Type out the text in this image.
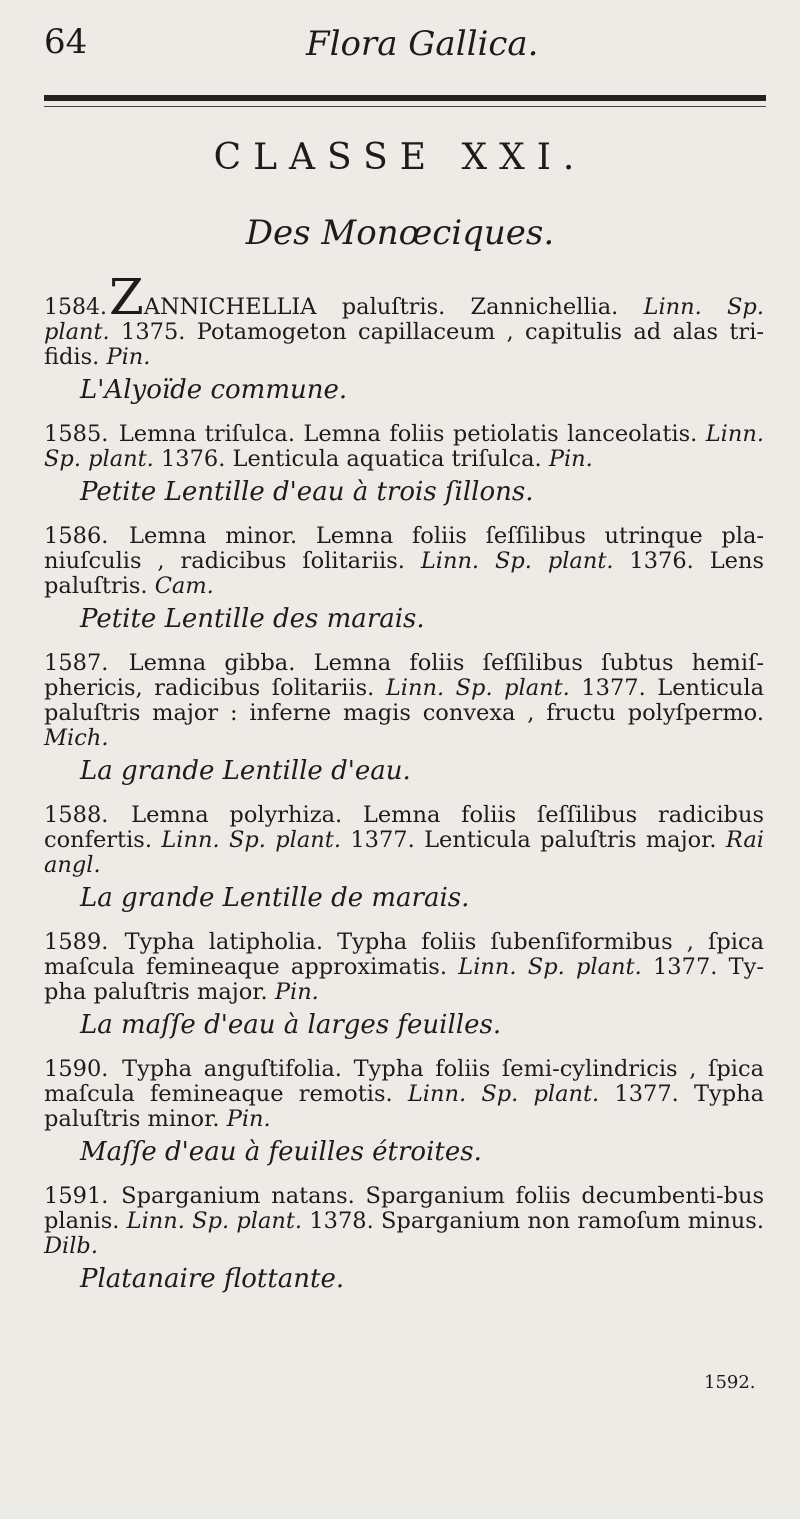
64	Flora Gallica.
CLASSE XXI.
Des Monœciques.

1584.ZANNICHELLIA paluſtris. Zannichellia. Linn. Sp. plant. 1375. Potamogeton capillaceum , capitulis ad alas tri-fidis. Pin.

L'Alyoïde commune.

1585. Lemna triſulca. Lemna foliis petiolatis lanceolatis. Linn. Sp. plant. 1376. Lenticula aquatica triſulca. Pin.

Petite Lentille d'eau à trois ſillons.

1586. Lemna minor. Lemna foliis ſeſſilibus utrinque pla-niuſculis , radicibus ſolitariis. Linn. Sp. plant. 1376. Lens paluſtris. Cam.

Petite Lentille des marais.

1587. Lemna gibba. Lemna foliis ſeſſilibus ſubtus hemiſ-phericis, radicibus ſolitariis. Linn. Sp. plant. 1377. Lenticula paluſtris major : inferne magis convexa , fructu polyſpermo. Mich.

La grande Lentille d'eau.

1588. Lemna polyrhiza. Lemna foliis ſeſſilibus radicibus confertis. Linn. Sp. plant. 1377. Lenticula paluſtris major. Rai angl.

La grande Lentille de marais.

1589. Typha latipholia. Typha foliis ſubenſiformibus , ſpica maſcula femineaque approximatis. Linn. Sp. plant. 1377. Ty-pha paluſtris major. Pin.

La maſſe d'eau à larges feuilles.

1590. Typha anguſtifolia. Typha foliis ſemi-cylindricis , ſpica maſcula femineaque remotis. Linn. Sp. plant. 1377. Typha paluſtris minor. Pin.

Maſſe d'eau à feuilles étroites.

1591. Sparganium natans. Sparganium foliis decumbenti-bus planis. Linn. Sp. plant. 1378. Sparganium non ramoſum minus. Dilb.

Platanaire flottante.

1592.
